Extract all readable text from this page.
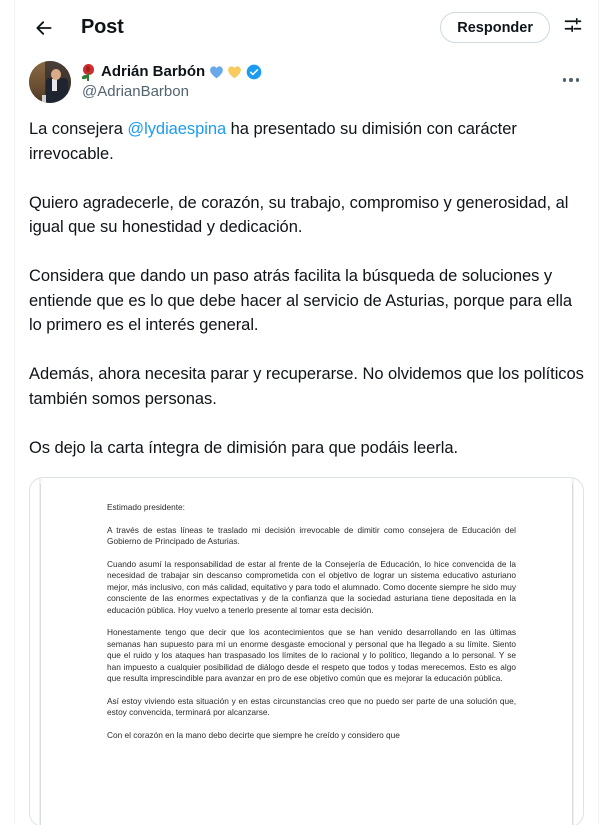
Post	Responder
Adrián Barbón
@AdrianBarbon

La consejera @lydiaespina ha presentado su dimisión con carácter irrevocable.

Quiero agradecerle, de corazón, su trabajo, compromiso y generosidad, al igual que su honestidad y dedicación.

Considera que dando un paso atrás facilita la búsqueda de soluciones y entiende que es lo que debe hacer al servicio de Asturias, porque para ella lo primero es el interés general.

Además, ahora necesita parar y recuperarse. No olvidemos que los políticos también somos personas.

Os dejo la carta íntegra de dimisión para que podáis leerla.

Estimado presidente:

A través de estas líneas te traslado mi decisión irrevocable de dimitir como consejera de Educación del Gobierno de Principado de Asturias.

Cuando asumí la responsabilidad de estar al frente de la Consejería de Educación, lo hice convencida de la necesidad de trabajar sin descanso comprometida con el objetivo de lograr un sistema educativo asturiano mejor, más inclusivo, con más calidad, equitativo y para todo el alumnado. Como docente siempre he sido muy consciente de las enormes expectativas y de la confianza que la sociedad asturiana tiene depositada en la educación pública. Hoy vuelvo a tenerlo presente al tomar esta decisión.

Honestamente tengo que decir que los acontecimientos que se han venido desarrollando en las últimas semanas han supuesto para mí un enorme desgaste emocional y personal que ha llegado a su límite. Siento que el ruido y los ataques han traspasado los límites de lo racional y lo político, llegando a lo personal. Y se han impuesto a cualquier posibilidad de diálogo desde el respeto que todos y todas merecemos. Esto es algo que resulta imprescindible para avanzar en pro de ese objetivo común que es mejorar la educación pública.

Así estoy viviendo esta situación y en estas circunstancias creo que no puedo ser parte de una solución que, estoy convencida, terminará por alcanzarse.

Con el corazón en la mano debo decirte que siempre he creído y considero que
